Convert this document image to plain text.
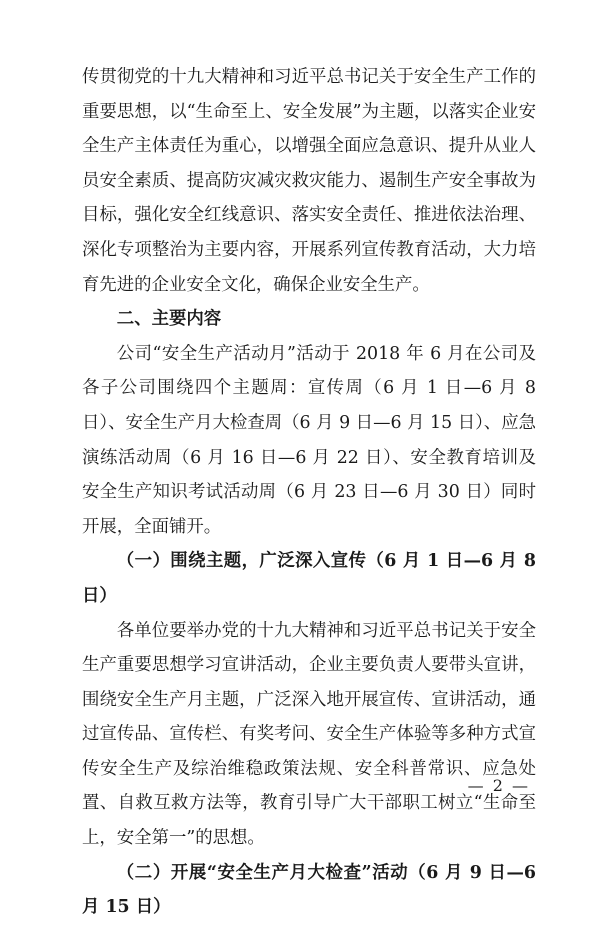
传贯彻党的十九大精神和习近平总书记关于安全生产工作的重要思想，以“生命至上、安全发展”为主题，以落实企业安全生产主体责任为重心，以增强全面应急意识、提升从业人员安全素质、提高防灾减灾救灾能力、遏制生产安全事故为目标，强化安全红线意识、落实安全责任、推进依法治理、深化专项整治为主要内容，开展系列宣传教育活动，大力培育先进的企业安全文化，确保企业安全生产。

二、主要内容

公司“安全生产活动月”活动于 2018 年 6 月在公司及各子公司围绕四个主题周：宣传周（6 月 1 日—6 月 8 日）、安全生产月大检查周（6 月 9 日—6 月 15 日）、应急演练活动周（6 月 16 日—6 月 22 日）、安全教育培训及安全生产知识考试活动周（6 月 23 日—6 月 30 日）同时开展，全面铺开。

（一）围绕主题，广泛深入宣传（6 月 1 日—6 月 8 日）

各单位要举办党的十九大精神和习近平总书记关于安全生产重要思想学习宣讲活动，企业主要负责人要带头宣讲，围绕安全生产月主题，广泛深入地开展宣传、宣讲活动，通过宣传品、宣传栏、有奖考问、安全生产体验等多种方式宣传安全生产及综治维稳政策法规、安全科普常识、应急处置、自救互救方法等，教育引导广大干部职工树立“生命至上，安全第一”的思想。

（二）开展“安全生产月大检查”活动（6 月 9 日—6 月 15 日）

— 2 —
